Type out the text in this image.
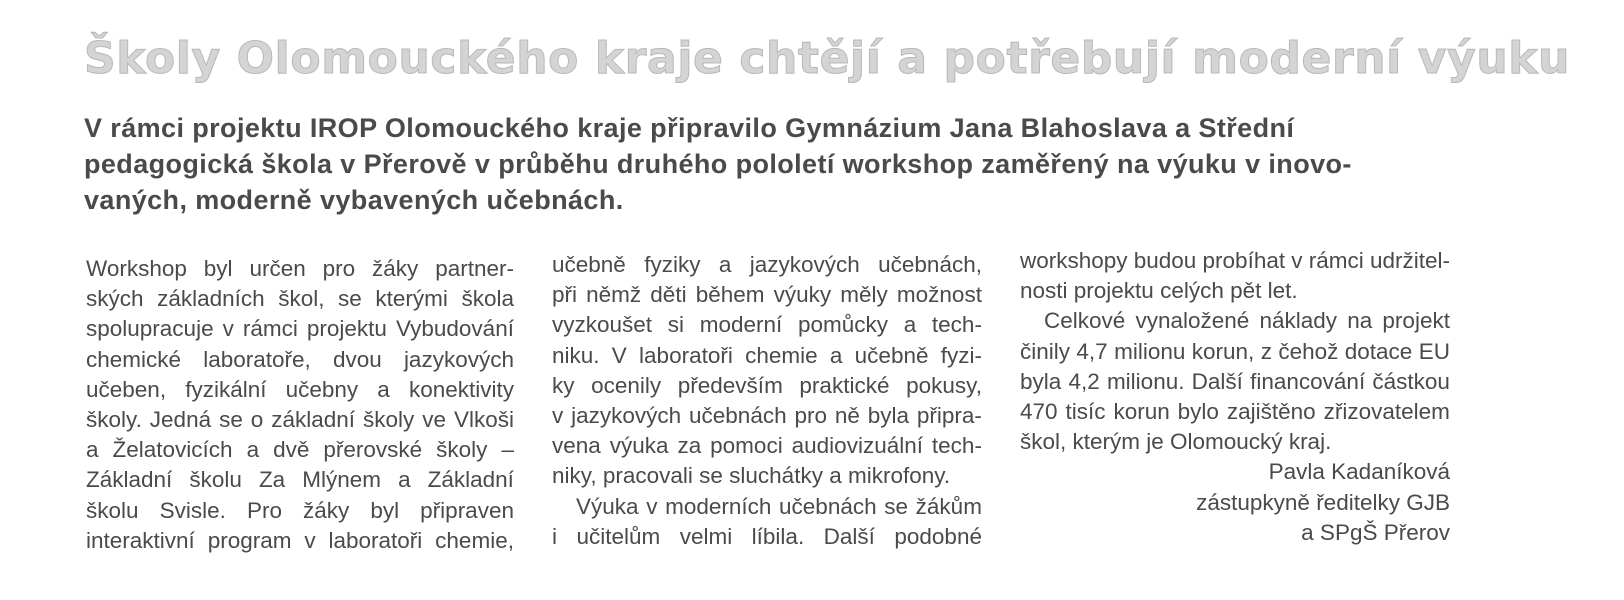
Školy Olomouckého kraje chtějí a potřebují moderní výuku
V rámci projektu IROP Olomouckého kraje připravilo Gymnázium Jana Blahoslava a Střední
pedagogická škola v Přerově v průběhu druhého pololetí workshop zaměřený na výuku v inovo-
vaných, moderně vybavených učebnách.
Workshop byl určen pro žáky partner-
ských základních škol, se kterými škola
spolupracuje v rámci projektu Vybudování
chemické laboratoře, dvou jazykových
učeben, fyzikální učebny a konektivity
školy. Jedná se o základní školy ve Vlkoši
a Želatovicích a dvě přerovské školy –
Základní školu Za Mlýnem a Základní
školu Svisle. Pro žáky byl připraven
interaktivní program v laboratoři chemie,
učebně fyziky a jazykových učebnách,
při němž děti během výuky měly možnost
vyzkoušet si moderní pomůcky a tech-
niku. V laboratoři chemie a učebně fyzi-
ky ocenily především praktické pokusy,
v jazykových učebnách pro ně byla připra-
vena výuka za pomoci audiovizuální tech-
niky, pracovali se sluchátky a mikrofony.
Výuka v moderních učebnách se žákům
i učitelům velmi líbila. Další podobné
workshopy budou probíhat v rámci udržitel-
nosti projektu celých pět let.
Celkové vynaložené náklady na projekt
činily 4,7 milionu korun, z čehož dotace EU
byla 4,2 milionu. Další financování částkou
470 tisíc korun bylo zajištěno zřizovatelem
škol, kterým je Olomoucký kraj.
Pavla Kadaníková
zástupkyně ředitelky GJB
a SPgŠ Přerov
